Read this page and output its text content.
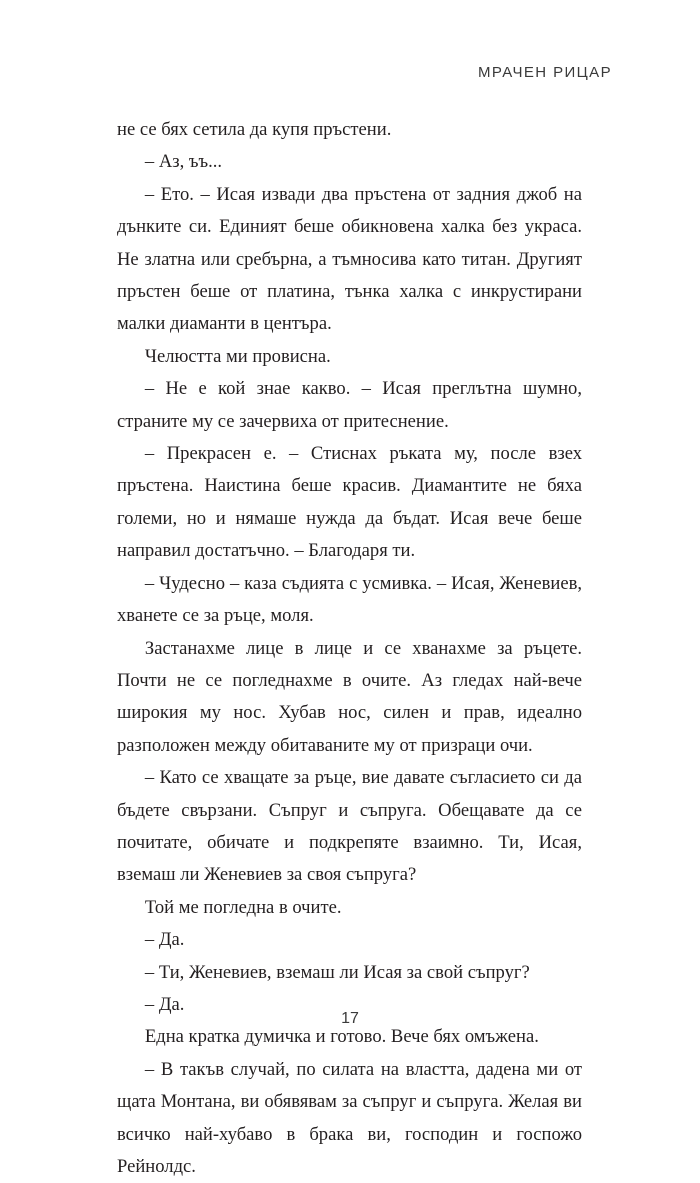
МРАЧЕН РИЦАР

не се бях сетила да купя пръстени.

– Аз, ъъ...

– Ето. – Исая извади два пръстена от задния джоб на дънките си. Единият беше обикновена халка без украса. Не златна или сребърна, а тъмносива като титан. Другият пръстен беше от платина, тънка халка с инкрустирани малки диаманти в центъра.

Челюстта ми провисна.

– Не е кой знае какво. – Исая преглътна шумно, страните му се зачервиха от притеснение.

– Прекрасен е. – Стиснах ръката му, после взех пръстена. Наистина беше красив. Диамантите не бяха големи, но и нямаше нужда да бъдат. Исая вече беше направил достатъчно. – Благодаря ти.

– Чудесно – каза съдията с усмивка. – Исая, Женевиев, хванете се за ръце, моля.

Застанахме лице в лице и се хванахме за ръцете. Почти не се погледнахме в очите. Аз гледах най-вече широкия му нос. Хубав нос, силен и прав, идеално разположен между обитаваните му от призраци очи.

– Като се хващате за ръце, вие давате съгласието си да бъдете свързани. Съпруг и съпруга. Обещавате да се почитате, обичате и подкрепяте взаимно. Ти, Исая, вземаш ли Женевиев за своя съпруга?

Той ме погледна в очите.

– Да.

– Ти, Женевиев, вземаш ли Исая за свой съпруг?

– Да.

Една кратка думичка и готово. Вече бях омъжена.

– В такъв случай, по силата на властта, дадена ми от щата Монтана, ви обявявам за съпруг и съпруга. Желая ви всичко най-хубаво в брака ви, господин и госпожо Рейнолдс.

17
